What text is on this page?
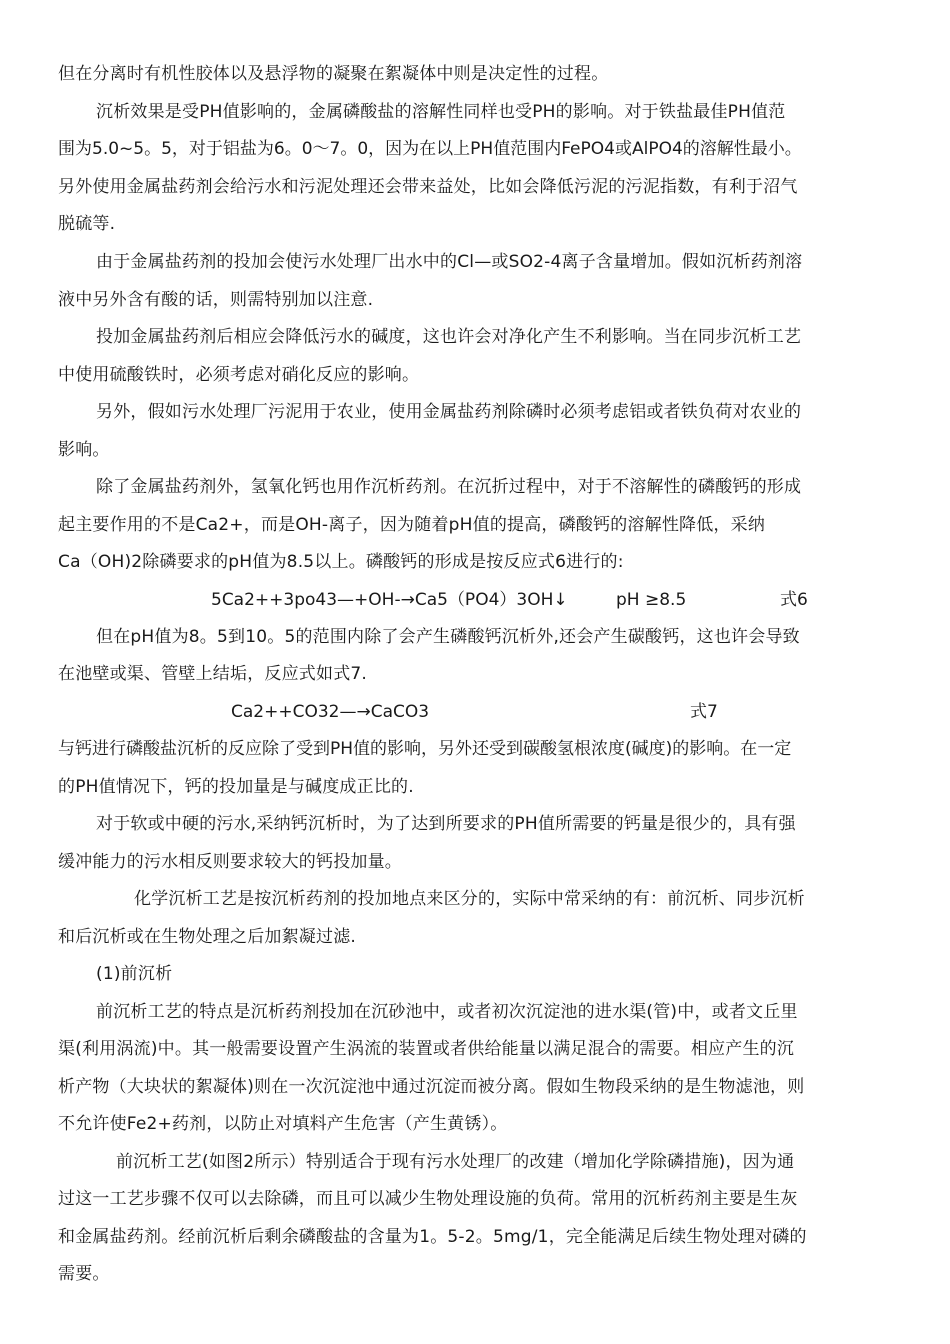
但在分离时有机性胶体以及悬浮物的凝聚在絮凝体中则是决定性的过程。
沉析效果是受PH值影响的，金属磷酸盐的溶解性同样也受PH的影响。对于铁盐最佳PH值范
围为5.0~5。5，对于铝盐为6。0～7。0，因为在以上PH值范围内FePO4或AlPO4的溶解性最小。
另外使用金属盐药剂会给污水和污泥处理还会带来益处，比如会降低污泥的污泥指数，有利于沼气
脱硫等.
由于金属盐药剂的投加会使污水处理厂出水中的Cl—或SO2-4离子含量增加。假如沉析药剂溶
液中另外含有酸的话，则需特别加以注意.
投加金属盐药剂后相应会降低污水的碱度，这也许会对净化产生不利影响。当在同步沉析工艺
中使用硫酸铁时，必须考虑对硝化反应的影响。
另外，假如污水处理厂污泥用于农业，使用金属盐药剂除磷时必须考虑铝或者铁负荷对农业的
影响。
除了金属盐药剂外，氢氧化钙也用作沉析药剂。在沉折过程中，对于不溶解性的磷酸钙的形成
起主要作用的不是Ca2+，而是OH-离子，因为随着pH值的提高，磷酸钙的溶解性降低，采纳
Ca（OH)2除磷要求的pH值为8.5以上。磷酸钙的形成是按反应式6进行的:
5Ca2++3po43—+OH-→Ca5（PO4）3OH↓	pH ≥8.5	式6
但在pH值为8。5到10。5的范围内除了会产生磷酸钙沉析外,还会产生碳酸钙，这也许会导致
在池壁或渠、管壁上结垢，反应式如式7.
Ca2++CO32—→CaCO3	式7
与钙进行磷酸盐沉析的反应除了受到PH值的影响，另外还受到碳酸氢根浓度(碱度)的影响。在一定
的PH值情况下，钙的投加量是与碱度成正比的.
对于软或中硬的污水,采纳钙沉析时，为了达到所要求的PH值所需要的钙量是很少的，具有强
缓冲能力的污水相反则要求较大的钙投加量。
化学沉析工艺是按沉析药剂的投加地点来区分的，实际中常采纳的有：前沉析、同步沉析
和后沉析或在生物处理之后加絮凝过滤.
(1)前沉析
前沉析工艺的特点是沉析药剂投加在沉砂池中，或者初次沉淀池的进水渠(管)中，或者文丘里
渠(利用涡流)中。其一般需要设置产生涡流的装置或者供给能量以满足混合的需要。相应产生的沉
析产物（大块状的絮凝体)则在一次沉淀池中通过沉淀而被分离。假如生物段采纳的是生物滤池，则
不允许使Fe2+药剂，以防止对填料产生危害（产生黄锈）。
前沉析工艺(如图2所示）特别适合于现有污水处理厂的改建（增加化学除磷措施)，因为通
过这一工艺步骤不仅可以去除磷，而且可以减少生物处理设施的负荷。常用的沉析药剂主要是生灰
和金属盐药剂。经前沉析后剩余磷酸盐的含量为1。5-2。5mg/1，完全能满足后续生物处理对磷的
需要。
